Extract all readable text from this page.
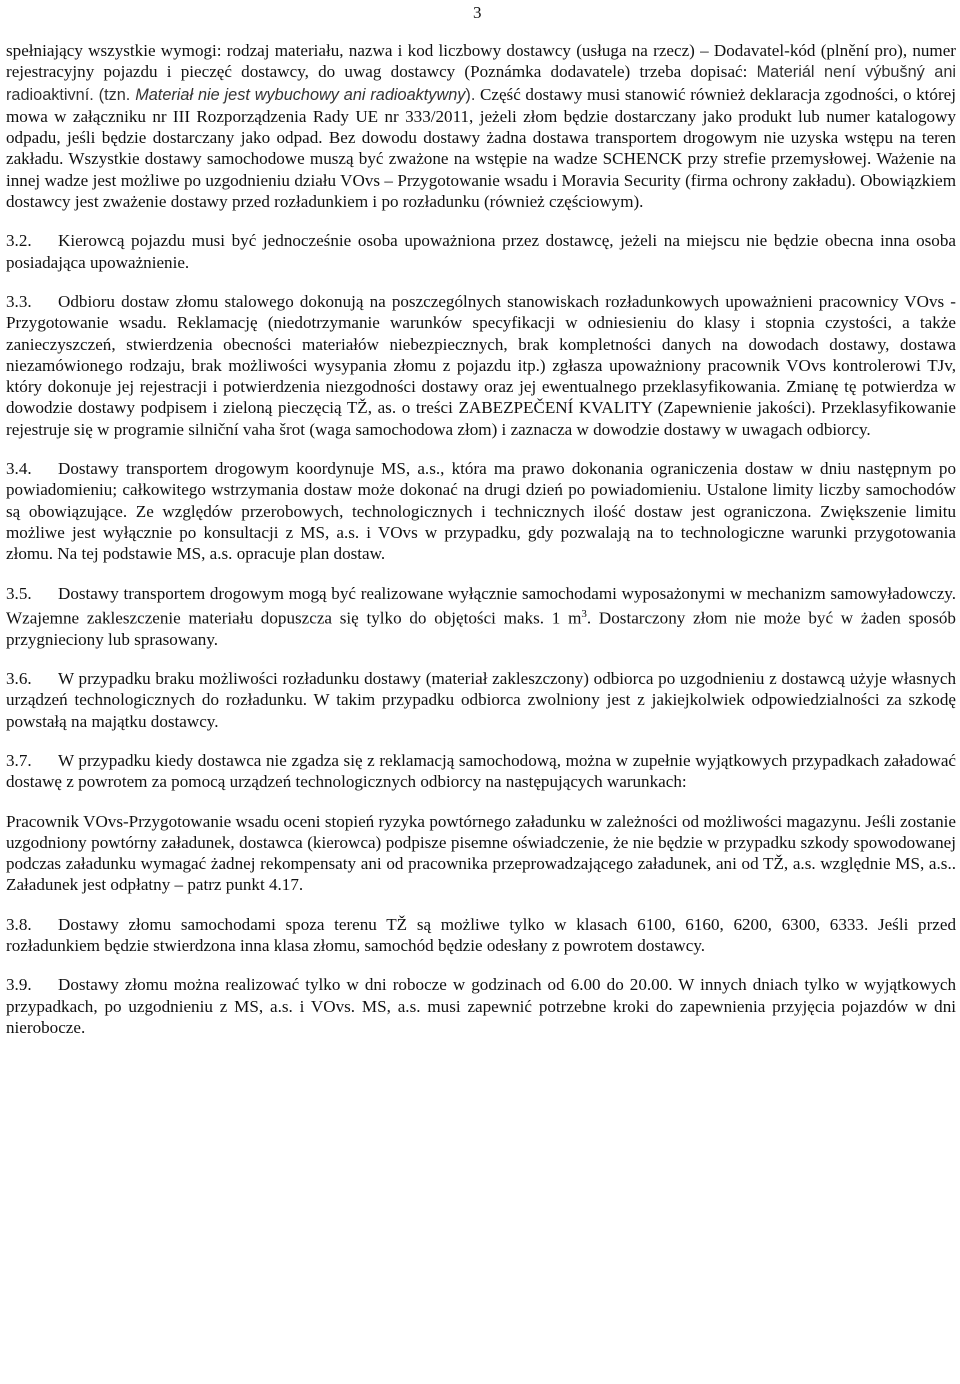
3

spełniający wszystkie wymogi: rodzaj materiału, nazwa i kod liczbowy dostawcy (usługa na rzecz) – Dodavatel-kód (plnění pro), numer rejestracyjny pojazdu i pieczęć dostawcy, do uwag dostawcy (Poznámka dodavatele) trzeba dopisać: Materiál není výbušný ani radioaktivní. (tzn. Materiał nie jest wybuchowy ani radioaktywny). Część dostawy musi stanowić również deklaracja zgodności, o której mowa w załączniku nr III Rozporządzenia Rady UE nr 333/2011, jeżeli złom będzie dostarczany jako produkt lub numer katalogowy odpadu, jeśli będzie dostarczany jako odpad. Bez dowodu dostawy żadna dostawa transportem drogowym nie uzyska wstępu na teren zakładu. Wszystkie dostawy samochodowe muszą być zważone na wstępie na wadze SCHENCK przy strefie przemysłowej. Ważenie na innej wadze jest możliwe po uzgodnieniu działu VOvs – Przygotowanie wsadu i Moravia Security (firma ochrony zakładu). Obowiązkiem dostawcy jest zważenie dostawy przed rozładunkiem i po rozładunku (również częściowym).

3.2. Kierowcą pojazdu musi być jednocześnie osoba upoważniona przez dostawcę, jeżeli na miejscu nie będzie obecna inna osoba posiadająca upoważnienie.

3.3. Odbioru dostaw złomu stalowego dokonują na poszczególnych stanowiskach rozładunkowych upoważnieni pracownicy VOvs - Przygotowanie wsadu. Reklamację (niedotrzymanie warunków specyfikacji w odniesieniu do klasy i stopnia czystości, a także zanieczyszczeń, stwierdzenia obecności materiałów niebezpiecznych, brak kompletności danych na dowodach dostawy, dostawa niezamówionego rodzaju, brak możliwości wysypania złomu z pojazdu itp.) zgłasza upoważniony pracownik VOvs kontrolerowi TJv, który dokonuje jej rejestracji i potwierdzenia niezgodności dostawy oraz jej ewentualnego przeklasyfikowania. Zmianę tę potwierdza w dowodzie dostawy podpisem i zieloną pieczęcią TŽ, as. o treści ZABEZPEČENÍ KVALITY (Zapewnienie jakości). Przeklasyfikowanie rejestruje się w programie silniční vaha šrot (waga samochodowa złom) i zaznacza w dowodzie dostawy w uwagach odbiorcy.

3.4. Dostawy transportem drogowym koordynuje MS, a.s., która ma prawo dokonania ograniczenia dostaw w dniu następnym po powiadomieniu; całkowitego wstrzymania dostaw może dokonać na drugi dzień po powiadomieniu. Ustalone limity liczby samochodów są obowiązujące. Ze względów przerobowych, technologicznych i technicznych ilość dostaw jest ograniczona. Zwiększenie limitu możliwe jest wyłącznie po konsultacji z MS, a.s. i VOvs w przypadku, gdy pozwalają na to technologiczne warunki przygotowania złomu. Na tej podstawie MS, a.s. opracuje plan dostaw.

3.5. Dostawy transportem drogowym mogą być realizowane wyłącznie samochodami wyposażonymi w mechanizm samowyładowczy. Wzajemne zakleszczenie materiału dopuszcza się tylko do objętości maks. 1 $m^3$. Dostarczony złom nie może być w żaden sposób przygnieciony lub sprasowany.

3.6. W przypadku braku możliwości rozładunku dostawy (materiał zakleszczony) odbiorca po uzgodnieniu z dostawcą użyje własnych urządzeń technologicznych do rozładunku. W takim przypadku odbiorca zwolniony jest z jakiejkolwiek odpowiedzialności za szkodę powstałą na majątku dostawcy.

3.7. W przypadku kiedy dostawca nie zgadza się z reklamacją samochodową, można w zupełnie wyjątkowych przypadkach załadować dostawę z powrotem za pomocą urządzeń technologicznych odbiorcy na następujących warunkach:

Pracownik VOvs-Przygotowanie wsadu oceni stopień ryzyka powtórnego załadunku w zależności od możliwości magazynu. Jeśli zostanie uzgodniony powtórny załadunek, dostawca (kierowca) podpisze pisemne oświadczenie, że nie będzie w przypadku szkody spowodowanej podczas załadunku wymagać żadnej rekompensaty ani od pracownika przeprowadzającego załadunek, ani od TŽ, a.s. względnie MS, a.s.. Załadunek jest odpłatny – patrz punkt 4.17.

3.8. Dostawy złomu samochodami spoza terenu TŽ są możliwe tylko w klasach 6100, 6160, 6200, 6300, 6333. Jeśli przed rozładunkiem będzie stwierdzona inna klasa złomu, samochód będzie odesłany z powrotem dostawcy.

3.9. Dostawy złomu można realizować tylko w dni robocze w godzinach od 6.00 do 20.00. W innych dniach tylko w wyjątkowych przypadkach, po uzgodnieniu z MS, a.s. i VOvs. MS, a.s. musi zapewnić potrzebne kroki do zapewnienia przyjęcia pojazdów w dni nierobocze.
